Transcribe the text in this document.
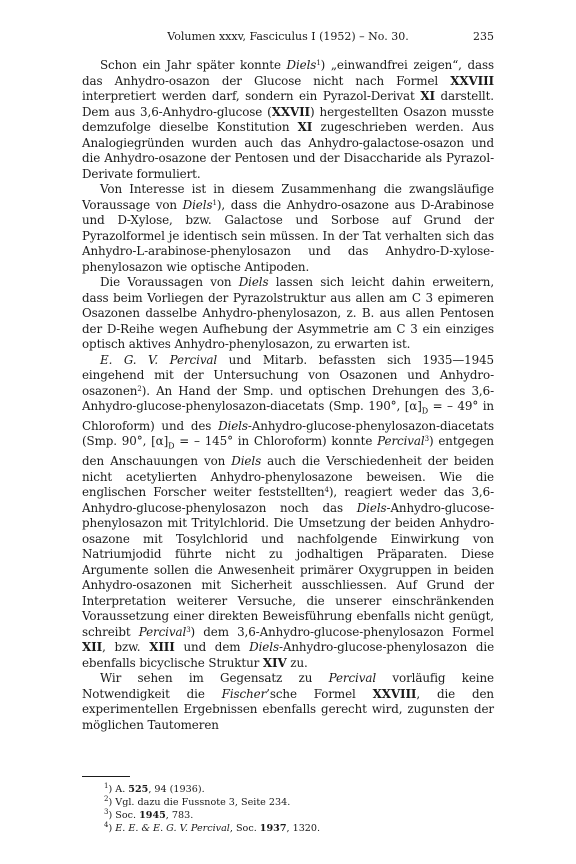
Volumen xxxv, Fasciculus I (1952) – No. 30.	235

Schon ein Jahr später konnte Diels$^1$) „einwandfrei zeigen“, dass das Anhydro-osazon der Glucose nicht nach Formel XXVIII interpretiert werden darf, sondern ein Pyrazol-Derivat XI darstellt. Dem aus 3,6-Anhydro-glucose (XXVII) hergestellten Osazon musste demzufolge dieselbe Konstitution XI zugeschrieben werden. Aus Analogiegründen wurden auch das Anhydro-galactose-osazon und die Anhydro-osazone der Pentosen und der Disaccharide als Pyrazol-Derivate formuliert.

Von Interesse ist in diesem Zusammenhang die zwangsläufige Voraussage von Diels$^1$), dass die Anhydro-osazone aus D-Arabinose und D-Xylose, bzw. Galactose und Sorbose auf Grund der Pyrazolformel je identisch sein müssen. In der Tat verhalten sich das Anhydro-L-arabinose-phenylosazon und das Anhydro-D-xylose-phenylosazon wie optische Antipoden.

Die Voraussagen von Diels lassen sich leicht dahin erweitern, dass beim Vorliegen der Pyrazolstruktur aus allen am C 3 epimeren Osazonen dasselbe Anhydro-phenylosazon, z. B. aus allen Pentosen der D-Reihe wegen Aufhebung der Asymmetrie am C 3 ein einziges optisch aktives Anhydro-phenylosazon, zu erwarten ist.

E. G. V. Percival und Mitarb. befassten sich 1935—1945 eingehend mit der Untersuchung von Osazonen und Anhydro-osazonen$^2$). An Hand der Smp. und optischen Drehungen des 3,6-Anhydro-glucose-phenylosazon-diacetats (Smp. 190°, $[\alpha]_D$ = – 49° in Chloroform) und des Diels-Anhydro-glucose-phenylosazon-diacetats (Smp. 90°, $[\alpha]_D$ = – 145° in Chloroform) konnte Percival$^3$) entgegen den Anschauungen von Diels auch die Verschiedenheit der beiden nicht acetylierten Anhydro-phenylosazone beweisen. Wie die englischen Forscher weiter feststellten$^4$), reagiert weder das 3,6-Anhydro-glucose-phenylosazon noch das Diels-Anhydro-glucose-phenylosazon mit Tritylchlorid. Die Umsetzung der beiden Anhydro-osazone mit Tosylchlorid und nachfolgende Einwirkung von Natriumjodid führte nicht zu jodhaltigen Präparaten. Diese Argumente sollen die Anwesenheit primärer Oxygruppen in beiden Anhydro-osazonen mit Sicherheit ausschliessen. Auf Grund der Interpretation weiterer Versuche, die unserer einschränkenden Voraussetzung einer direkten Beweisführung ebenfalls nicht genügt, schreibt Percival$^3$) dem 3,6-Anhydro-glucose-phenylosazon Formel XII, bzw. XIII und dem Diels-Anhydro-glucose-phenylosazon die ebenfalls bicyclische Struktur XIV zu.

Wir sehen im Gegensatz zu Percival vorläufig keine Notwendigkeit die Fischer’sche Formel XXVIII, die den experimentellen Ergebnissen ebenfalls gerecht wird, zugunsten der möglichen Tautomeren

$^1$) A. 525, 94 (1936).
$^2$) Vgl. dazu die Fussnote 3, Seite 234.
$^3$) Soc. 1945, 783.
$^4$) E. E. & E. G. V. Percival, Soc. 1937, 1320.
